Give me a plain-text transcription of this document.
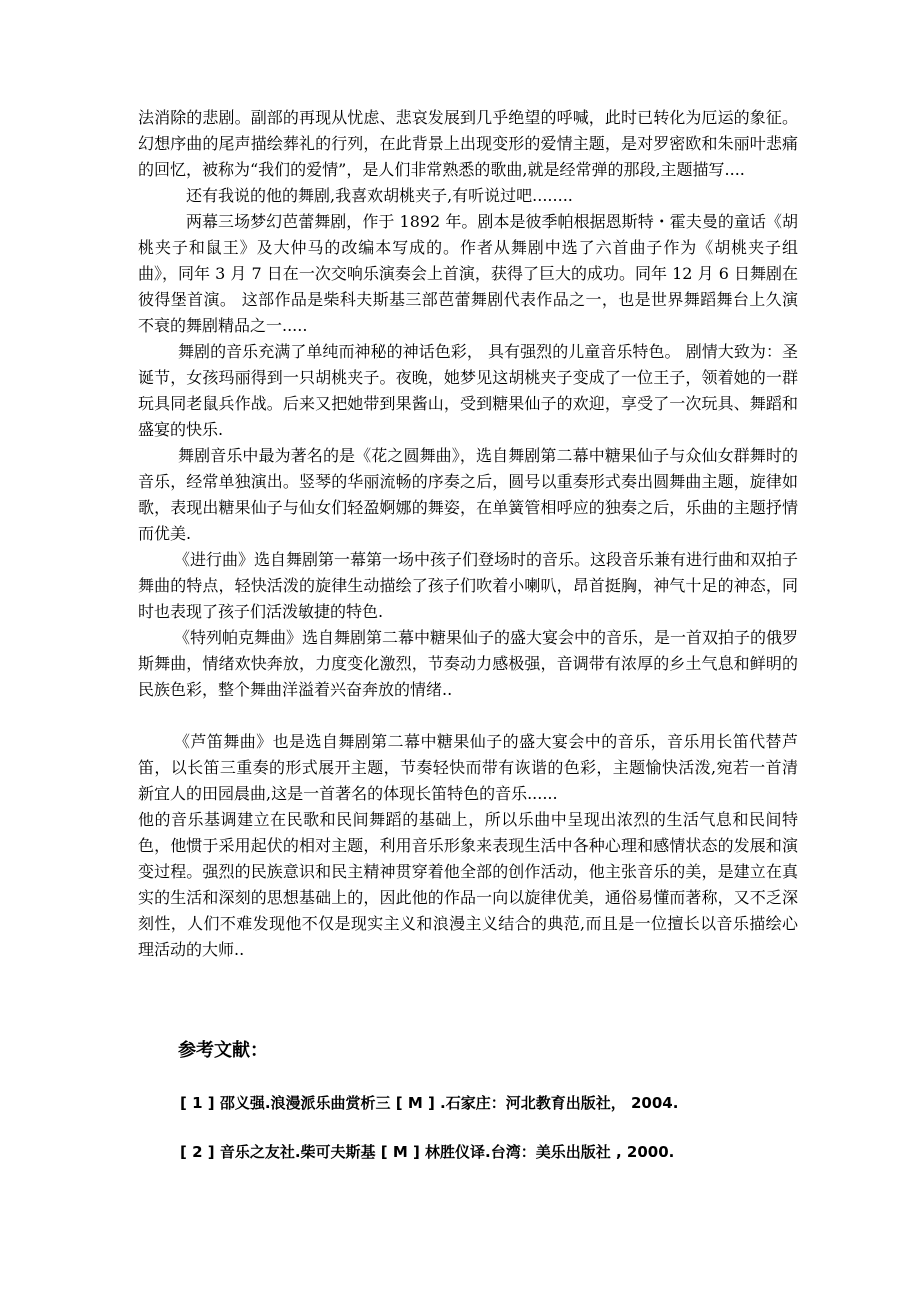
法消除的悲剧。副部的再现从忧虑、悲哀发展到几乎绝望的呼喊，此时已转化为厄运的象征。幻想序曲的尾声描绘葬礼的行列，在此背景上出现变形的爱情主题，是对罗密欧和朱丽叶悲痛的回忆，被称为“我们的爱情”，是人们非常熟悉的歌曲,就是经常弹的那段,主题描写....

还有我说的他的舞剧,我喜欢胡桃夹子,有听说过吧........

两幕三场梦幻芭蕾舞剧，作于 1892 年。剧本是彼季帕根据恩斯特・霍夫曼的童话《胡桃夹子和鼠王》及大仲马的改编本写成的。作者从舞剧中选了六首曲子作为《胡桃夹子组曲》，同年 3 月 7 日在一次交响乐演奏会上首演，获得了巨大的成功。同年 12 月 6 日舞剧在彼得堡首演。 这部作品是柴科夫斯基三部芭蕾舞剧代表作品之一，也是世界舞蹈舞台上久演不衰的舞剧精品之一.....

舞剧的音乐充满了单纯而神秘的神话色彩， 具有强烈的儿童音乐特色。 剧情大致为：圣诞节，女孩玛丽得到一只胡桃夹子。夜晚，她梦见这胡桃夹子变成了一位王子，领着她的一群玩具同老鼠兵作战。后来又把她带到果酱山，受到糖果仙子的欢迎，享受了一次玩具、舞蹈和盛宴的快乐.

舞剧音乐中最为著名的是《花之圆舞曲》，选自舞剧第二幕中糖果仙子与众仙女群舞时的音乐，经常单独演出。竖琴的华丽流畅的序奏之后，圆号以重奏形式奏出圆舞曲主题，旋律如歌，表现出糖果仙子与仙女们轻盈婀娜的舞姿，在单簧管相呼应的独奏之后，乐曲的主题抒情而优美.

《进行曲》选自舞剧第一幕第一场中孩子们登场时的音乐。这段音乐兼有进行曲和双拍子舞曲的特点，轻快活泼的旋律生动描绘了孩子们吹着小喇叭，昂首挺胸，神气十足的神态，同时也表现了孩子们活泼敏捷的特色.

《特列帕克舞曲》选自舞剧第二幕中糖果仙子的盛大宴会中的音乐，是一首双拍子的俄罗斯舞曲，情绪欢快奔放，力度变化激烈，节奏动力感极强，音调带有浓厚的乡土气息和鲜明的民族色彩，整个舞曲洋溢着兴奋奔放的情绪..

《芦笛舞曲》也是选自舞剧第二幕中糖果仙子的盛大宴会中的音乐，音乐用长笛代替芦笛，以长笛三重奏的形式展开主题，节奏轻快而带有诙谐的色彩，主题愉快活泼,宛若一首清新宜人的田园晨曲,这是一首著名的体现长笛特色的音乐......

他的音乐基调建立在民歌和民间舞蹈的基础上，所以乐曲中呈现出浓烈的生活气息和民间特色，他惯于采用起伏的相对主题，利用音乐形象来表现生活中各种心理和感情状态的发展和演变过程。强烈的民族意识和民主精神贯穿着他全部的创作活动，他主张音乐的美，是建立在真实的生活和深刻的思想基础上的，因此他的作品一向以旋律优美，通俗易懂而著称，又不乏深刻性，人们不难发现他不仅是现实主义和浪漫主义结合的典范,而且是一位擅长以音乐描绘心理活动的大师..

参考文献：

[ 1 ] 邵义强.浪漫派乐曲赏析三 [ M ] .石家庄：河北教育出版社， 2004.

[ 2 ] 音乐之友社.柴可夫斯基 [ M ] 林胜仪译.台湾：美乐出版社 , 2000.
